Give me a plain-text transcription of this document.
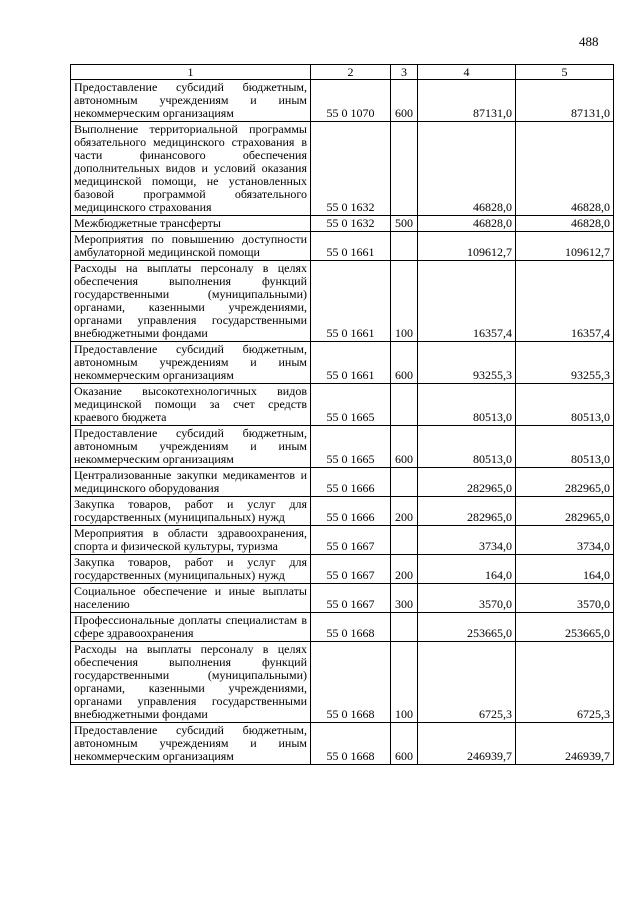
488
1	2	3	4	5
Предоставление субсидий бюджетным, автономным учреждениям и иным некоммерческим организациям	55 0 1070	600	87131,0	87131,0
Выполнение территориальной программы обязательного медицинского страхования в части финансового обеспечения дополнительных видов и условий оказания медицинской помощи, не установленных базовой программой обязательного медицинского страхования	55 0 1632		46828,0	46828,0
Межбюджетные трансферты	55 0 1632	500	46828,0	46828,0
Мероприятия по повышению доступности амбулаторной медицинской помощи	55 0 1661		109612,7	109612,7
Расходы на выплаты персоналу в целях обеспечения выполнения функций государственными (муниципальными) органами, казенными учреждениями, органами управления государственными внебюджетными фондами	55 0 1661	100	16357,4	16357,4
Предоставление субсидий бюджетным, автономным учреждениям и иным некоммерческим организациям	55 0 1661	600	93255,3	93255,3
Оказание высокотехнологичных видов медицинской помощи за счет средств краевого бюджета	55 0 1665		80513,0	80513,0
Предоставление субсидий бюджетным, автономным учреждениям и иным некоммерческим организациям	55 0 1665	600	80513,0	80513,0
Централизованные закупки медикаментов и медицинского оборудования	55 0 1666		282965,0	282965,0
Закупка товаров, работ и услуг для государственных (муниципальных) нужд	55 0 1666	200	282965,0	282965,0
Мероприятия в области здравоохранения, спорта и физической культуры, туризма	55 0 1667		3734,0	3734,0
Закупка товаров, работ и услуг для государственных (муниципальных) нужд	55 0 1667	200	164,0	164,0
Социальное обеспечение и иные выплаты населению	55 0 1667	300	3570,0	3570,0
Профессиональные доплаты специалистам в сфере здравоохранения	55 0 1668		253665,0	253665,0
Расходы на выплаты персоналу в целях обеспечения выполнения функций государственными (муниципальными) органами, казенными учреждениями, органами управления государственными внебюджетными фондами	55 0 1668	100	6725,3	6725,3
Предоставление субсидий бюджетным, автономным учреждениям и иным некоммерческим организациям	55 0 1668	600	246939,7	246939,7
